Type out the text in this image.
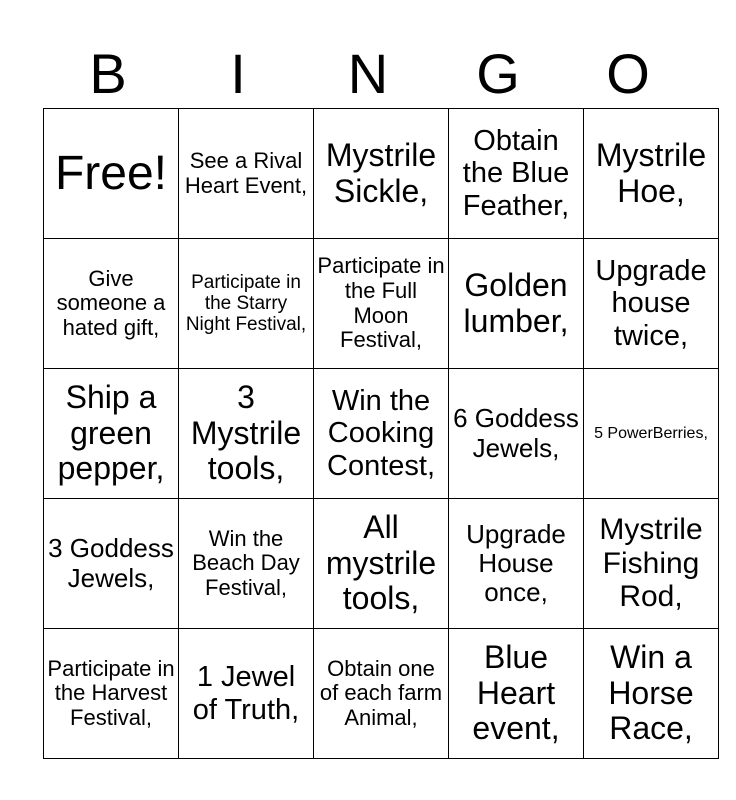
B	I	N	G	O
Free!	See a Rival Heart Event,	Mystrile Sickle,	Obtain the Blue Feather,	Mystrile Hoe,
Give someone a hated gift,	Participate in the Starry Night Festival,	Participate in the Full Moon Festival,	Golden lumber,	Upgrade house twice,
Ship a green pepper,	3 Mystrile tools,	Win the Cooking Contest,	6 Goddess Jewels,	5 PowerBerries,
3 Goddess Jewels,	Win the Beach Day Festival,	All mystrile tools,	Upgrade House once,	Mystrile Fishing Rod,
Participate in the Harvest Festival,	1 Jewel of Truth,	Obtain one of each farm Animal,	Blue Heart event,	Win a Horse Race,
